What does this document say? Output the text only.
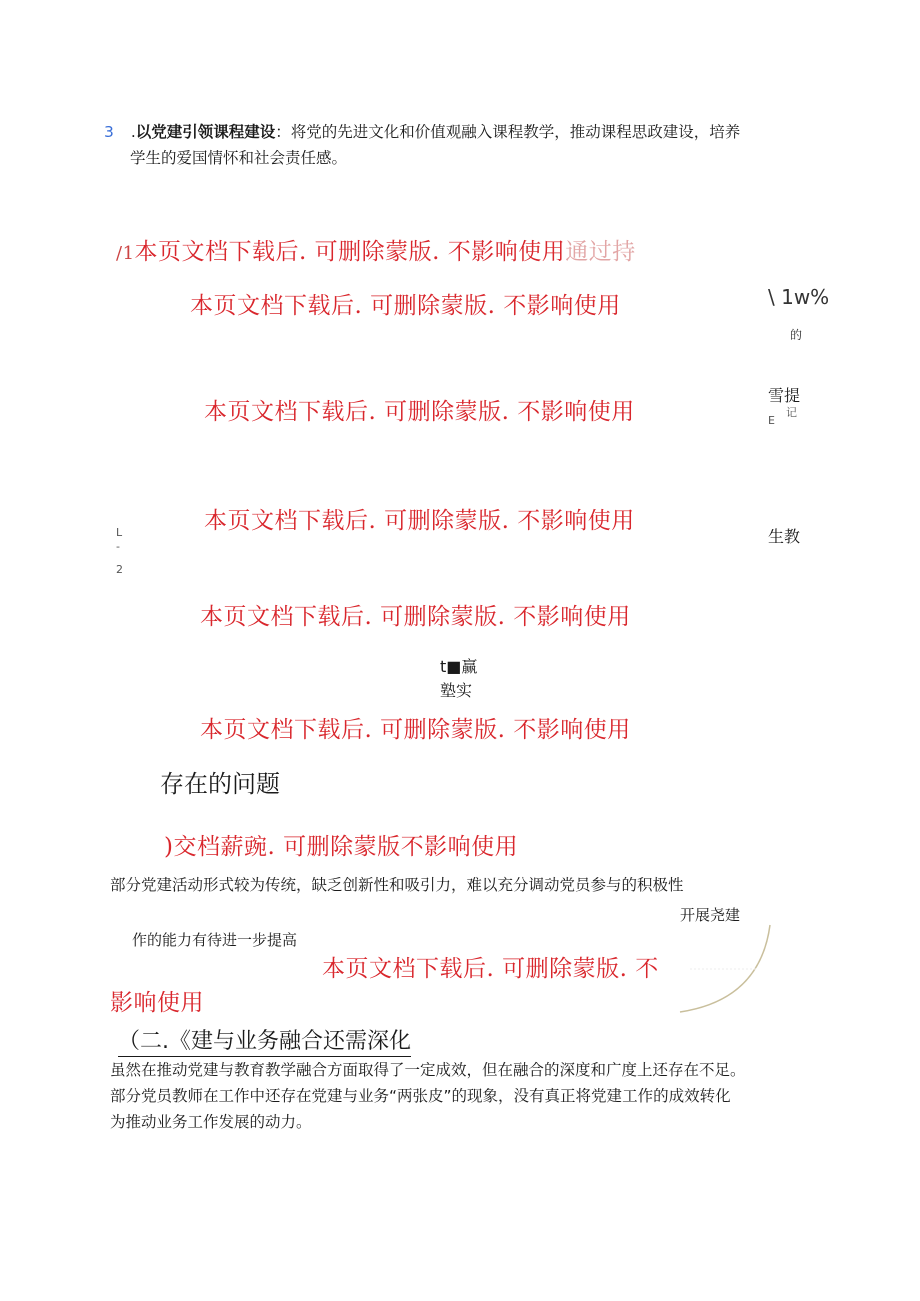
3 .以党建引领课程建设：将党的先进文化和价值观融入课程教学，推动课程思政建设，培养
学生的爱国情怀和社会责任感。
/1本页文档下载后. 可删除蒙版. 不影响使用通过持
本页文档下载后. 可删除蒙版. 不影响使用
本页文档下载后. 可删除蒙版. 不影响使用
本页文档下载后. 可删除蒙版. 不影响使用
本页文档下载后. 可删除蒙版. 不影响使用
本页文档下载后. 可删除蒙版. 不影响使用
\ 1w%
的
雪提
记
E
生教
L
-
2
t■赢
塾实
存在的问题
)交档薪豌. 可删除蒙版不影响使用
部分党建活动形式较为传统，缺乏创新性和吸引力，难以充分调动党员参与的积极性
开展尧建
作的能力有待进一步提高
本页文档下载后. 可删除蒙版. 不
影响使用
（二.《建与业务融合还需深化
虽然在推动党建与教育教学融合方面取得了一定成效，但在融合的深度和广度上还存在不足。
部分党员教师在工作中还存在党建与业务“两张皮”的现象，没有真正将党建工作的成效转化
为推动业务工作发展的动力。
